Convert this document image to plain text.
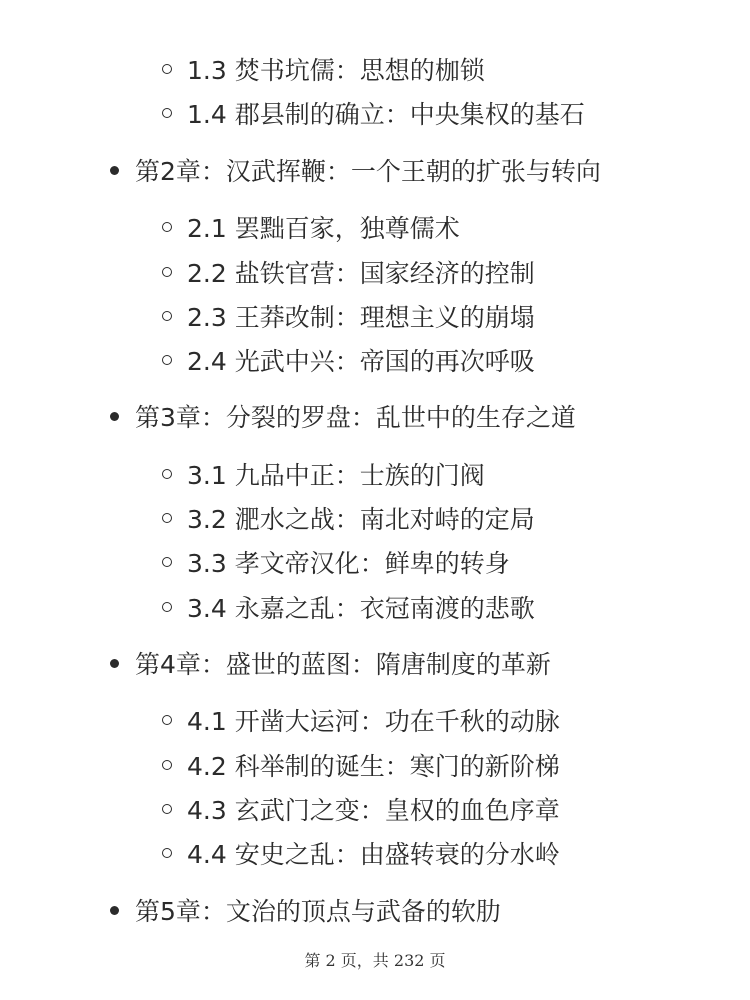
1.3 焚书坑儒：思想的枷锁
1.4 郡县制的确立：中央集权的基石
第2章：汉武挥鞭：一个王朝的扩张与转向
2.1 罢黜百家，独尊儒术
2.2 盐铁官营：国家经济的控制
2.3 王莽改制：理想主义的崩塌
2.4 光武中兴：帝国的再次呼吸
第3章：分裂的罗盘：乱世中的生存之道
3.1 九品中正：士族的门阀
3.2 淝水之战：南北对峙的定局
3.3 孝文帝汉化：鲜卑的转身
3.4 永嘉之乱：衣冠南渡的悲歌
第4章：盛世的蓝图：隋唐制度的革新
4.1 开凿大运河：功在千秋的动脉
4.2 科举制的诞生：寒门的新阶梯
4.3 玄武门之变：皇权的血色序章
4.4 安史之乱：由盛转衰的分水岭
第5章：文治的顶点与武备的软肋
第 2 页，共 232 页
